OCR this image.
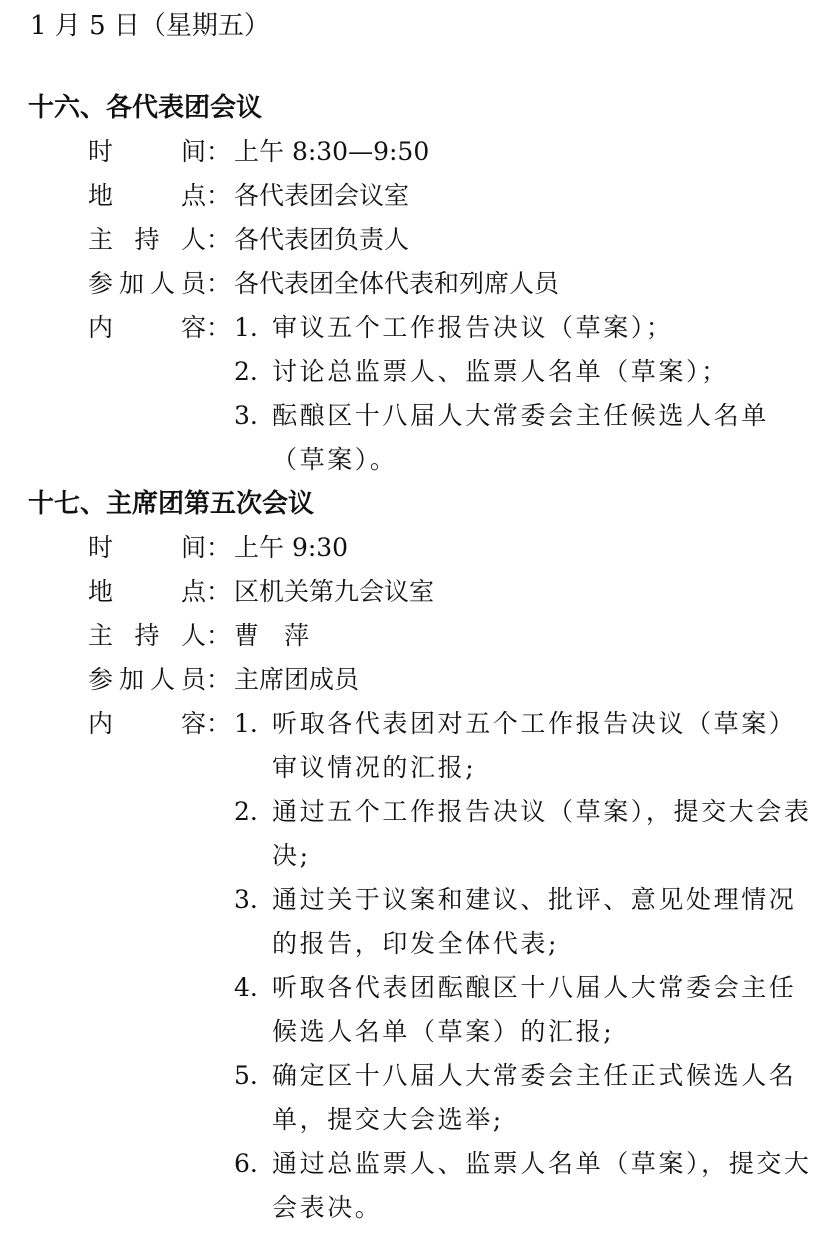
1 月 5 日（星期五）
十六、各代表团会议
时	间 ： 上午 8:30—9:50
地	点 ： 各代表团会议室
主 持 人 ： 各代表团负责人
参 加 人 员 ： 各代表团全体代表和列席人员
内	容 ： 1. 审议五个工作报告决议（草案）；
2. 讨论总监票人、监票人名单（草案）；
3. 酝酿区十八届人大常委会主任候选人名单（草案）。
十七、主席团第五次会议
时	间 ： 上午 9:30
地	点 ： 区机关第九会议室
主 持 人 ： 曹　萍
参 加 人 员 ： 主席团成员
内	容 ： 1. 听取各代表团对五个工作报告决议（草案）审议情况的汇报;
2. 通过五个工作报告决议（草案），提交大会表决;
3. 通过关于议案和建议、批评、意见处理情况的报告，印发全体代表;
4. 听取各代表团酝酿区十八届人大常委会主任候选人名单（草案）的汇报;
5. 确定区十八届人大常委会主任正式候选人名单，提交大会选举;
6. 通过总监票人、监票人名单（草案），提交大会表决。
